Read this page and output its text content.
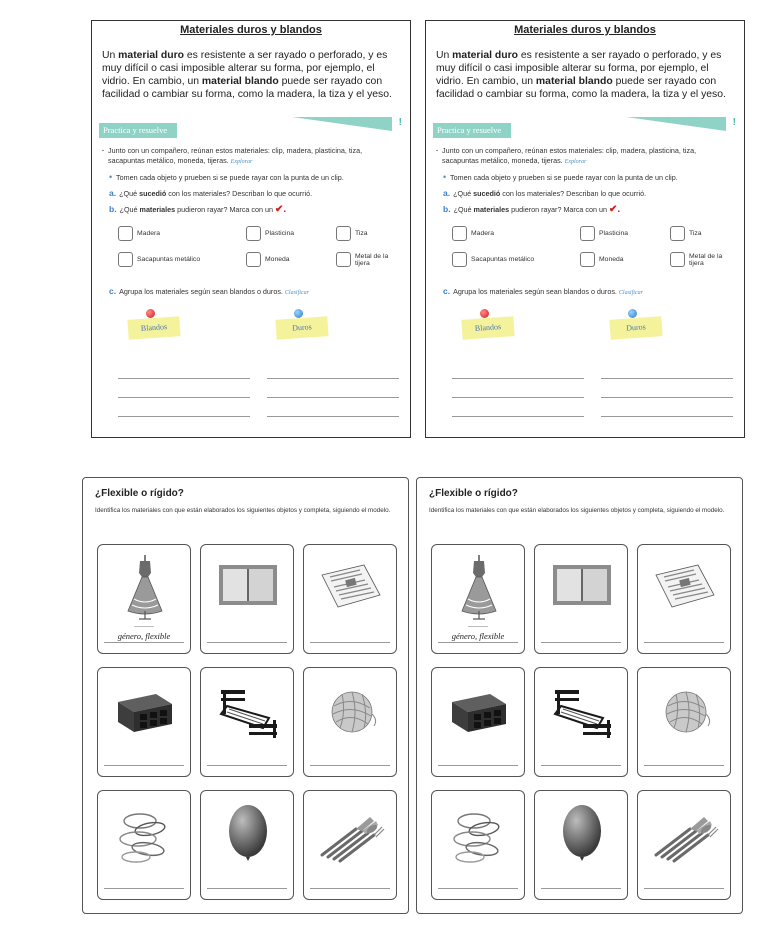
Materiales duros y blandos
Un material duro es resistente a ser rayado o perforado, y es muy difícil o casi imposible alterar su forma, por ejemplo, el vidrio. En cambio, un material blando puede ser rayado con facilidad o cambiar su forma, como la madera, la tiza y el yeso.
Practica y resuelve
!
. Junto con un compañero, reúnan estos materiales: clip, madera, plasticina, tiza, sacapuntas metálico, moneda, tijeras. Explorar
• Tomen cada objeto y prueben si se puede rayar con la punta de un clip.
a. ¿Qué sucedió con los materiales? Describan lo que ocurrió.
b. ¿Qué materiales pudieron rayar? Marca con un ✔.
Madera	Plasticina	Tiza
Sacapuntas metálico	Moneda	Metal de la tijera
c. Agrupa los materiales según sean blandos o duros. Clasificar
Blandos	Duros
Materiales duros y blandos
Un material duro es resistente a ser rayado o perforado, y es muy difícil o casi imposible alterar su forma, por ejemplo, el vidrio. En cambio, un material blando puede ser rayado con facilidad o cambiar su forma, como la madera, la tiza y el yeso.
Practica y resuelve
!
. Junto con un compañero, reúnan estos materiales: clip, madera, plasticina, tiza, sacapuntas metálico, moneda, tijeras. Explorar
• Tomen cada objeto y prueben si se puede rayar con la punta de un clip.
a. ¿Qué sucedió con los materiales? Describan lo que ocurrió.
b. ¿Qué materiales pudieron rayar? Marca con un ✔.
Madera	Plasticina	Tiza
Sacapuntas metálico	Moneda	Metal de la tijera
c. Agrupa los materiales según sean blandos o duros. Clasificar
Blandos	Duros
¿Flexible o rígido?
Identifica los materiales con que están elaborados los siguientes objetos y completa, siguiendo el modelo.
género, flexible
¿Flexible o rígido?
Identifica los materiales con que están elaborados los siguientes objetos y completa, siguiendo el modelo.
género, flexible
